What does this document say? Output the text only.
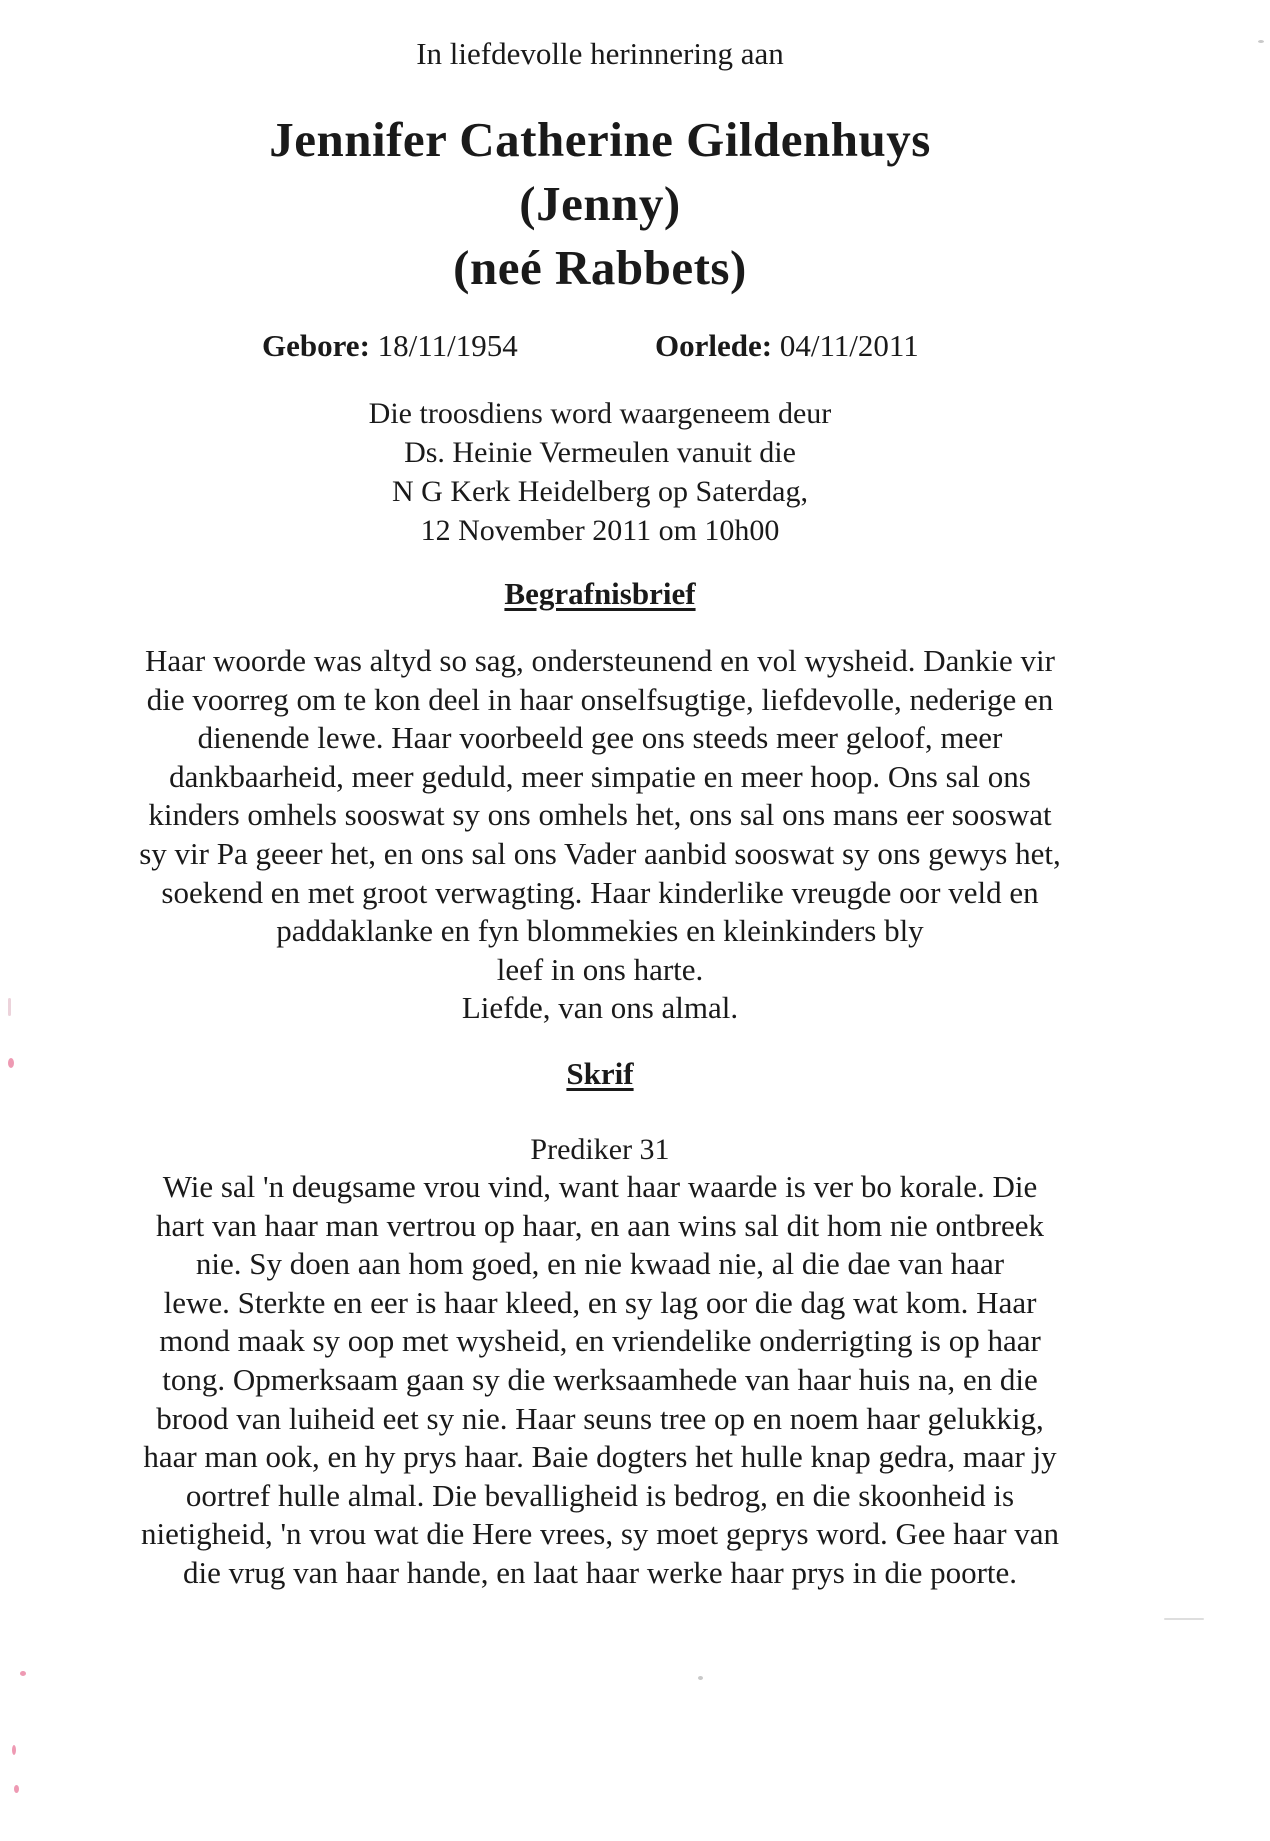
In liefdevolle herinnering aan
Jennifer Catherine Gildenhuys
(Jenny)
(neé Rabbets)
Gebore: 18/11/1954	Oorlede: 04/11/2011
Die troosdiens word waargeneem deur
Ds. Heinie Vermeulen vanuit die
N G Kerk Heidelberg op Saterdag,
12 November 2011 om 10h00
Begrafnisbrief
Haar woorde was altyd so sag, ondersteunend en vol wysheid. Dankie vir
die voorreg om te kon deel in haar onselfsugtige, liefdevolle, nederige en
dienende lewe. Haar voorbeeld gee ons steeds meer geloof, meer
dankbaarheid, meer geduld, meer simpatie en meer hoop. Ons sal ons
kinders omhels sooswat sy ons omhels het, ons sal ons mans eer sooswat
sy vir Pa geeer het, en ons sal ons Vader aanbid sooswat sy ons gewys het,
soekend en met groot verwagting. Haar kinderlike vreugde oor veld en
paddaklanke en fyn blommekies en kleinkinders bly
leef in ons harte.
Liefde, van ons almal.
Skrif
Prediker 31
Wie sal 'n deugsame vrou vind, want haar waarde is ver bo korale. Die
hart van haar man vertrou op haar, en aan wins sal dit hom nie ontbreek
nie. Sy doen aan hom goed, en nie kwaad nie, al die dae van haar
lewe. Sterkte en eer is haar kleed, en sy lag oor die dag wat kom. Haar
mond maak sy oop met wysheid, en vriendelike onderrigting is op haar
tong. Opmerksaam gaan sy die werksaamhede van haar huis na, en die
brood van luiheid eet sy nie. Haar seuns tree op en noem haar gelukkig,
haar man ook, en hy prys haar. Baie dogters het hulle knap gedra, maar jy
oortref hulle almal. Die bevalligheid is bedrog, en die skoonheid is
nietigheid, 'n vrou wat die Here vrees, sy moet geprys word. Gee haar van
die vrug van haar hande, en laat haar werke haar prys in die poorte.
